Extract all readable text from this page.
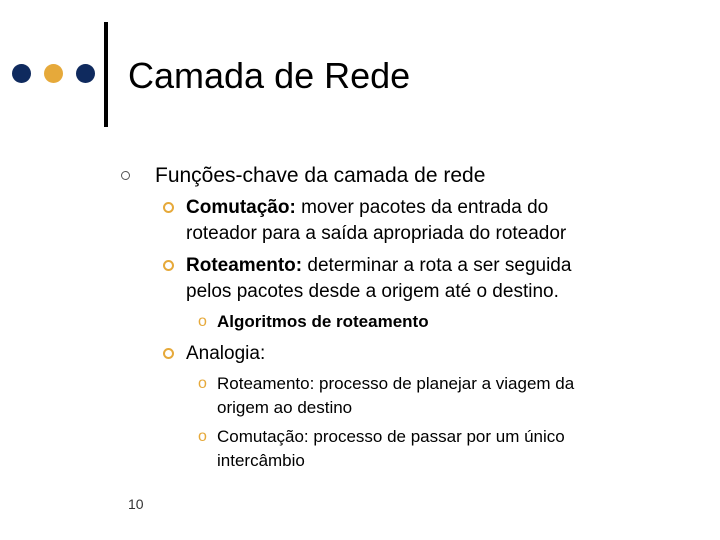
Camada de Rede
Funções-chave da camada de rede
Comutação: mover pacotes da entrada do
roteador para a saída apropriada do roteador
Roteamento: determinar a rota a ser seguida
pelos pacotes desde a origem até o destino.
o Algoritmos de roteamento
Analogia:
o Roteamento: processo de planejar a viagem da
origem ao destino
o Comutação: processo de passar por um único
intercâmbio
10
